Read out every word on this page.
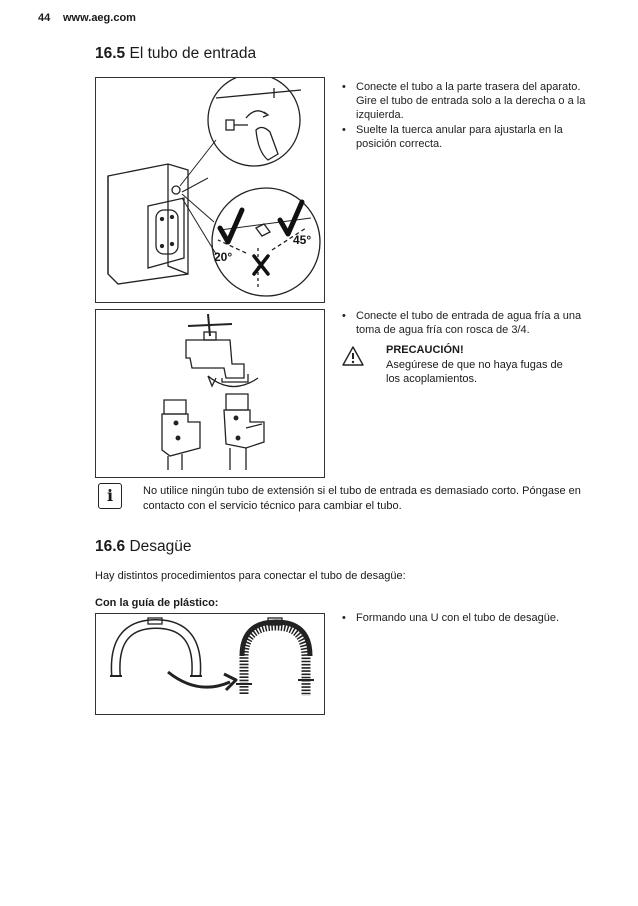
44 www.aeg.com
16.5 El tubo de entrada
20°
45°
• Conecte el tubo a la parte trasera del aparato. Gire el tubo de entrada solo a la derecha o a la izquierda.
• Suelte la tuerca anular para ajustarla en la posición correcta.
• Conecte el tubo de entrada de agua fría a una toma de agua fría con rosca de 3/4.
PRECAUCIÓN!
Asegúrese de que no haya fugas de los acoplamientos.
i	No utilice ningún tubo de extensión si el tubo de entrada es demasiado corto. Póngase en contacto con el servicio técnico para cambiar el tubo.
16.6 Desagüe
Hay distintos procedimientos para conectar el tubo de desagüe:
Con la guía de plástico:
• Formando una U con el tubo de desagüe.
